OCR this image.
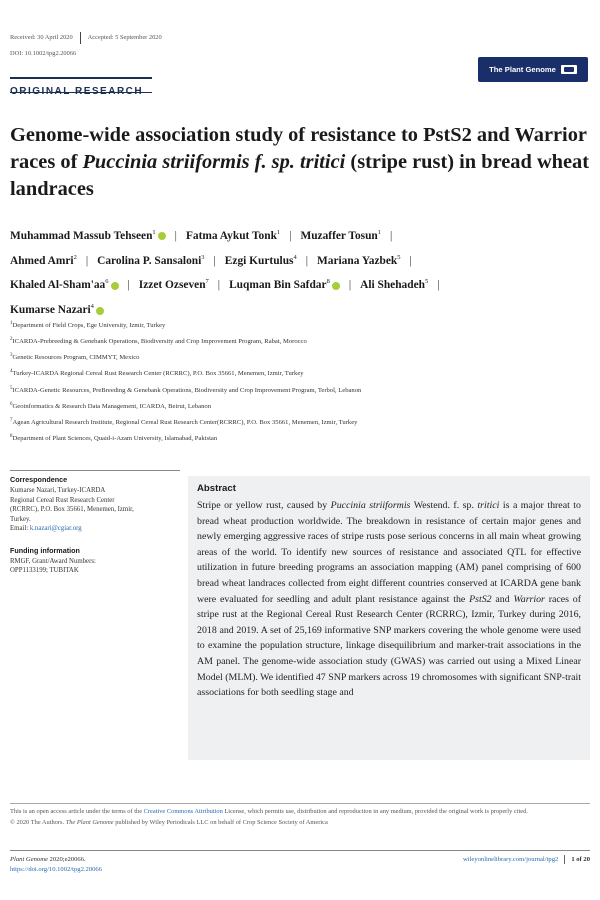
Received: 30 April 2020 Accepted: 5 September 2020
DOI: 10.1002/tpg2.20066
The Plant Genome
Genome-wide association study of resistance to PstS2 and Warrior races of Puccinia striiformis f. sp. tritici (stripe rust) in bread wheat landraces
Muhammad Massub Tehseen$^1$ | Fatma Aykut Tonk$^1$ | Muzaffer Tosun$^1$ |
Ahmed Amri$^2$ | Carolina P. Sansaloni$^3$ | Ezgi Kurtulus$^4$ | Mariana Yazbek$^5$ |
Khaled $Al-Sham'aa^6$ | Izzet Ozseven$^7$ | Luqman Bin Safdar$^8$ | Ali Shehadeh$^5$ |
Kumarse Nazari$^4$
$^1$Department of Field Crops, Ege University, Izmir, Turkey
$^2$ICARDA-Prebreeding & Genebank Operations, Biodiversity and Crop Improvement Program, Rabat, Morocco
$^3$Genetic Resources Program, CIMMYT, Mexico
$^4$Turkey-ICARDA Regional Cereal Rust Research Center (RCRRC), P.O. Box 35661, Menemen, Izmir, Turkey
$^5$ICARDA-Genetic Resources, PreBreeding & Genebank Operations, Biodiversity and Crop Improvement Program, Terbol, Lebanon
$^6$Geoinformatics & Research Data Management, ICARDA, Beirut, Lebanon
$^7$Agean Agricultural Research Institute, Regional Cereal Rust Research Center(RCRRC), P.O. Box 35661, Menemen, Izmir, Turkey
$^8$Department of Plant Sciences, Quaid-i-Azam University, Islamabad, Pakistan
Correspondence
Kumarse Nazari, Turkey-ICARDA
Regional Cereal Rust Research Center
(RCRRC), P.O. Box 35661, Menemen, Izmir,
Turkey.
Email: k.nazari@cgiar.org
Funding information
RMGF, Grant/Award Numbers:
OPP1133199; TUBITAK
Abstract
Stripe or yellow rust, caused by Puccinia striiformis Westend. f. sp. tritici is a major threat to bread wheat production worldwide. The breakdown in resistance of certain major genes and newly emerging aggressive races of stripe rusts pose serious concerns in all main wheat growing areas of the world. To identify new sources of resistance and associated QTL for effective utilization in future breeding programs an association mapping (AM) panel comprising of 600 bread wheat landraces collected from eight different countries conserved at ICARDA gene bank were evaluated for seedling and adult plant resistance against the PstS2 and Warrior races of stripe rust at the Regional Cereal Rust Research Center (RCRRC), Izmir, Turkey during 2016, 2018 and 2019. A set of 25,169 informative SNP markers covering the whole genome were used to examine the population structure, linkage disequilibrium and marker-trait associations in the AM panel. The genome-wide association study (GWAS) was carried out using a Mixed Linear Model (MLM). We identified 47 SNP markers across 19 chromosomes with significant SNP-trait associations for both seedling stage and
This is an open access article under the terms of the Creative Commons Attribution License, which permits use, distribution and reproduction in any medium, provided the original work is properly cited.
© 2020 The Authors. The Plant Genome published by Wiley Periodicals LLC on behalf of Crop Science Society of America
Plant Genome 2020;e20066.
https://doi.org/10.1002/tpg2.20066
wileyonlinelibrary.com/journal/tpg2 1 of 20
